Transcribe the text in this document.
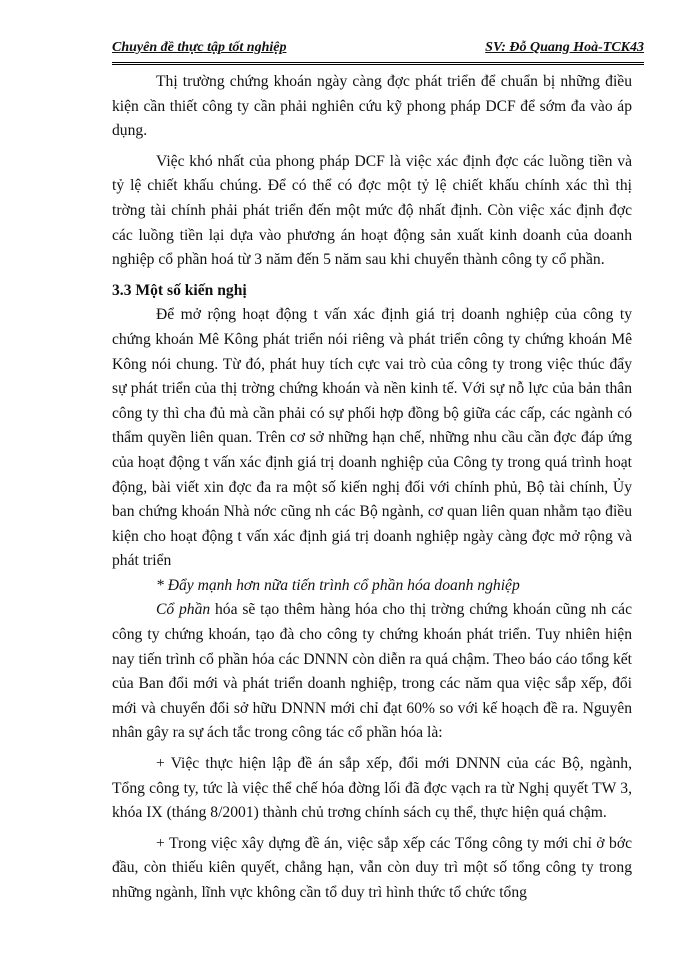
Chuyên đề thực tập tốt nghiệp	SV: Đỗ Quang Hoà-TCK43

Thị trường chứng khoán ngày càng đợc phát triển để chuẩn bị những điều kiện cần thiết công ty cần phải nghiên cứu kỹ phong pháp DCF để sớm đa vào áp dụng.

Việc khó nhất của phong pháp DCF là việc xác định đợc các luồng tiền và tỷ lệ chiết khấu chúng. Để có thể có đợc một tỷ lệ chiết khấu chính xác thì thị trờng tài chính phải phát triển đến một mức độ nhất định. Còn việc xác định đợc các luồng tiền lại dựa vào phương án hoạt động sản xuất kinh doanh của doanh nghiệp cổ phần hoá từ 3 năm đến 5 năm sau khi chuyển thành công ty cổ phần.

3.3 Một số kiến nghị

Để mở rộng hoạt động t vấn xác định giá trị doanh nghiệp của công ty chứng khoán Mê Kông phát triển nói riêng và phát triển công ty chứng khoán Mê Kông nói chung. Từ đó, phát huy tích cực vai trò của công ty trong việc thúc đẩy sự phát triển của thị trờng chứng khoán và nền kinh tế. Với sự nỗ lực của bản thân công ty thì cha đủ mà cần phải có sự phối hợp đồng bộ giữa các cấp, các ngành có thẩm quyền liên quan. Trên cơ sở những hạn chế, những nhu cầu cần đợc đáp ứng của hoạt động t vấn xác định giá trị doanh nghiệp của Công ty trong quá trình hoạt động, bài viết xin đợc đa ra một số kiến nghị đối với chính phủ, Bộ tài chính, Ủy ban chứng khoán Nhà nớc cũng nh các Bộ ngành, cơ quan liên quan nhằm tạo điều kiện cho hoạt động t vấn xác định giá trị doanh nghiệp ngày càng đợc mở rộng và phát triển

* Đẩy mạnh hơn nữa tiến trình cổ phần hóa doanh nghiệp

Cổ phần hóa sẽ tạo thêm hàng hóa cho thị trờng chứng khoán cũng nh các công ty chứng khoán, tạo đà cho công ty chứng khoán phát triển. Tuy nhiên hiện nay tiến trình cổ phần hóa các DNNN còn diễn ra quá chậm. Theo báo cáo tổng kết của Ban đổi mới và phát triển doanh nghiệp, trong các năm qua việc sắp xếp, đổi mới và chuyển đổi sở hữu DNNN mới chỉ đạt 60% so với kế hoạch đề ra. Nguyên nhân gây ra sự ách tắc trong công tác cổ phần hóa là:

+ Việc thực hiện lập đề án sắp xếp, đổi mới DNNN của các Bộ, ngành, Tổng công ty, tức là việc thể chế hóa đờng lối đã đợc vạch ra từ Nghị quyết TW 3, khóa IX (tháng 8/2001) thành chủ trơng chính sách cụ thể, thực hiện quá chậm.

+ Trong việc xây dựng đề án, việc sắp xếp các Tổng công ty mới chỉ ở bớc đầu, còn thiếu kiên quyết, chẳng hạn, vẫn còn duy trì một số tổng công ty trong những ngành, lĩnh vực không cần tổ duy trì hình thức tổ chức tổng
